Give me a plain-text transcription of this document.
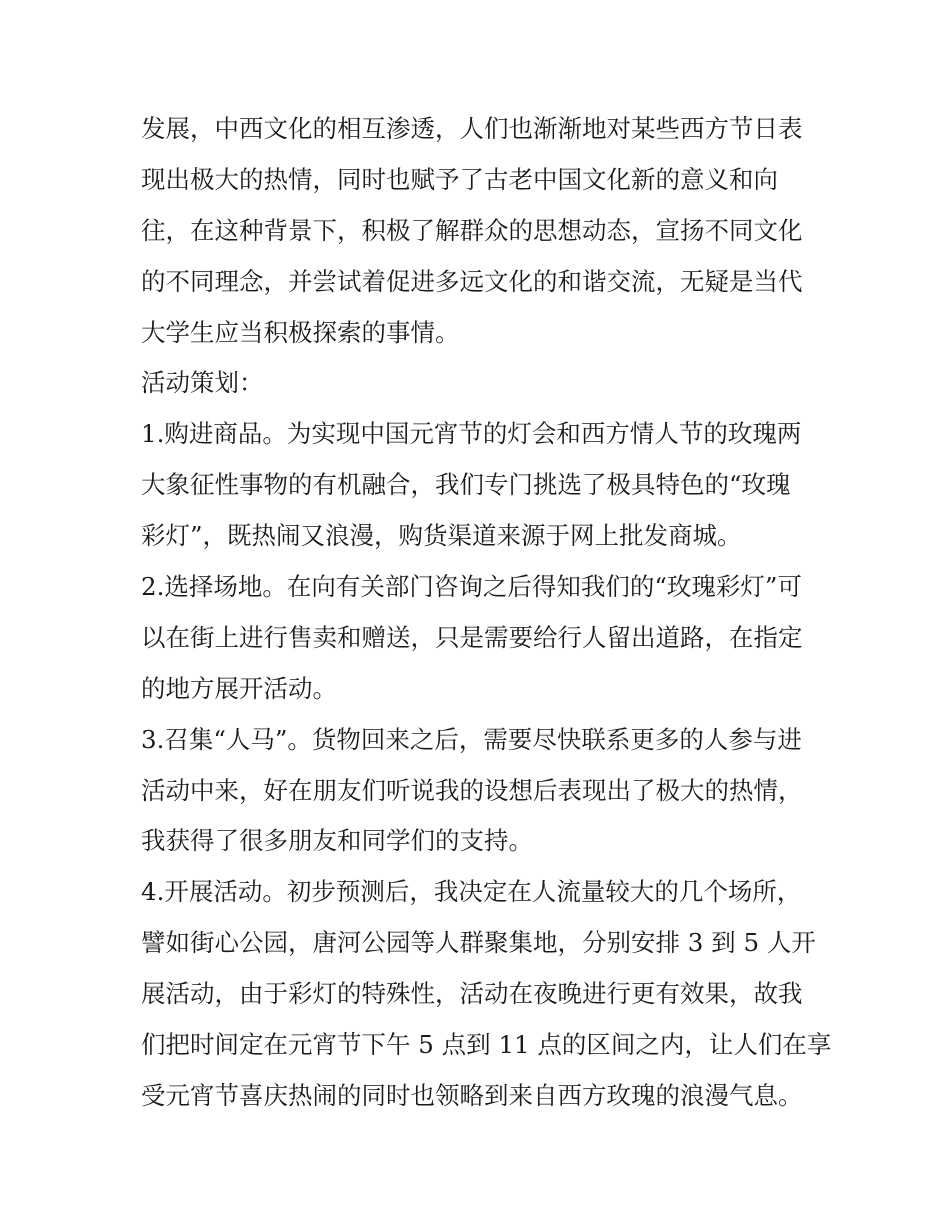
发展，中西文化的相互渗透，人们也渐渐地对某些西方节日表
现出极大的热情，同时也赋予了古老中国文化新的意义和向
往，在这种背景下，积极了解群众的思想动态，宣扬不同文化
的不同理念，并尝试着促进多远文化的和谐交流，无疑是当代
大学生应当积极探索的事情。
活动策划：
1.购进商品。为实现中国元宵节的灯会和西方情人节的玫瑰两
大象征性事物的有机融合，我们专门挑选了极具特色的“玫瑰
彩灯”，既热闹又浪漫，购货渠道来源于网上批发商城。
2.选择场地。在向有关部门咨询之后得知我们的“玫瑰彩灯”可
以在街上进行售卖和赠送，只是需要给行人留出道路，在指定
的地方展开活动。
3.召集“人马”。货物回来之后，需要尽快联系更多的人参与进
活动中来，好在朋友们听说我的设想后表现出了极大的热情，
我获得了很多朋友和同学们的支持。
4.开展活动。初步预测后，我决定在人流量较大的几个场所，
譬如街心公园，唐河公园等人群聚集地，分别安排 3 到 5 人开
展活动，由于彩灯的特殊性，活动在夜晚进行更有效果，故我
们把时间定在元宵节下午 5 点到 11 点的区间之内，让人们在享
受元宵节喜庆热闹的同时也领略到来自西方玫瑰的浪漫气息。
